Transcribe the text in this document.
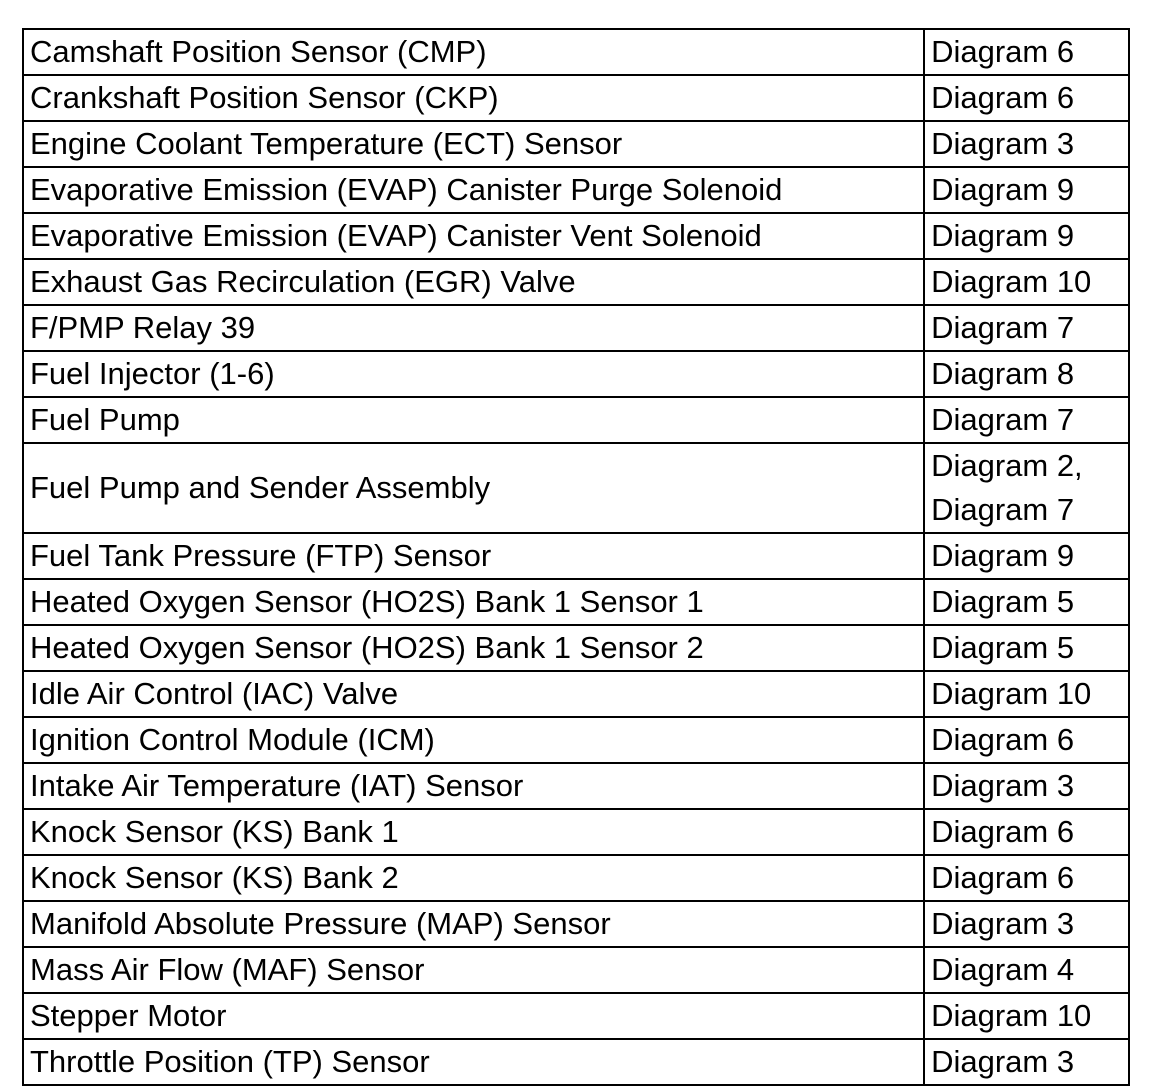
Camshaft Position Sensor (CMP)	Diagram 6

Crankshaft Position Sensor (CKP)	Diagram 6

Engine Coolant Temperature (ECT) Sensor	Diagram 3

Evaporative Emission (EVAP) Canister Purge Solenoid	Diagram 9

Evaporative Emission (EVAP) Canister Vent Solenoid	Diagram 9

Exhaust Gas Recirculation (EGR) Valve	Diagram 10

F/PMP Relay 39	Diagram 7

Fuel Injector (1-6)	Diagram 8

Fuel Pump	Diagram 7

Fuel Pump and Sender Assembly	Diagram 2,
Diagram 7

Fuel Tank Pressure (FTP) Sensor	Diagram 9

Heated Oxygen Sensor (HO2S) Bank 1 Sensor 1	Diagram 5

Heated Oxygen Sensor (HO2S) Bank 1 Sensor 2	Diagram 5

Idle Air Control (IAC) Valve	Diagram 10

Ignition Control Module (ICM)	Diagram 6

Intake Air Temperature (IAT) Sensor	Diagram 3

Knock Sensor (KS) Bank 1	Diagram 6

Knock Sensor (KS) Bank 2	Diagram 6

Manifold Absolute Pressure (MAP) Sensor	Diagram 3

Mass Air Flow (MAF) Sensor	Diagram 4

Stepper Motor	Diagram 10

Throttle Position (TP) Sensor	Diagram 3
